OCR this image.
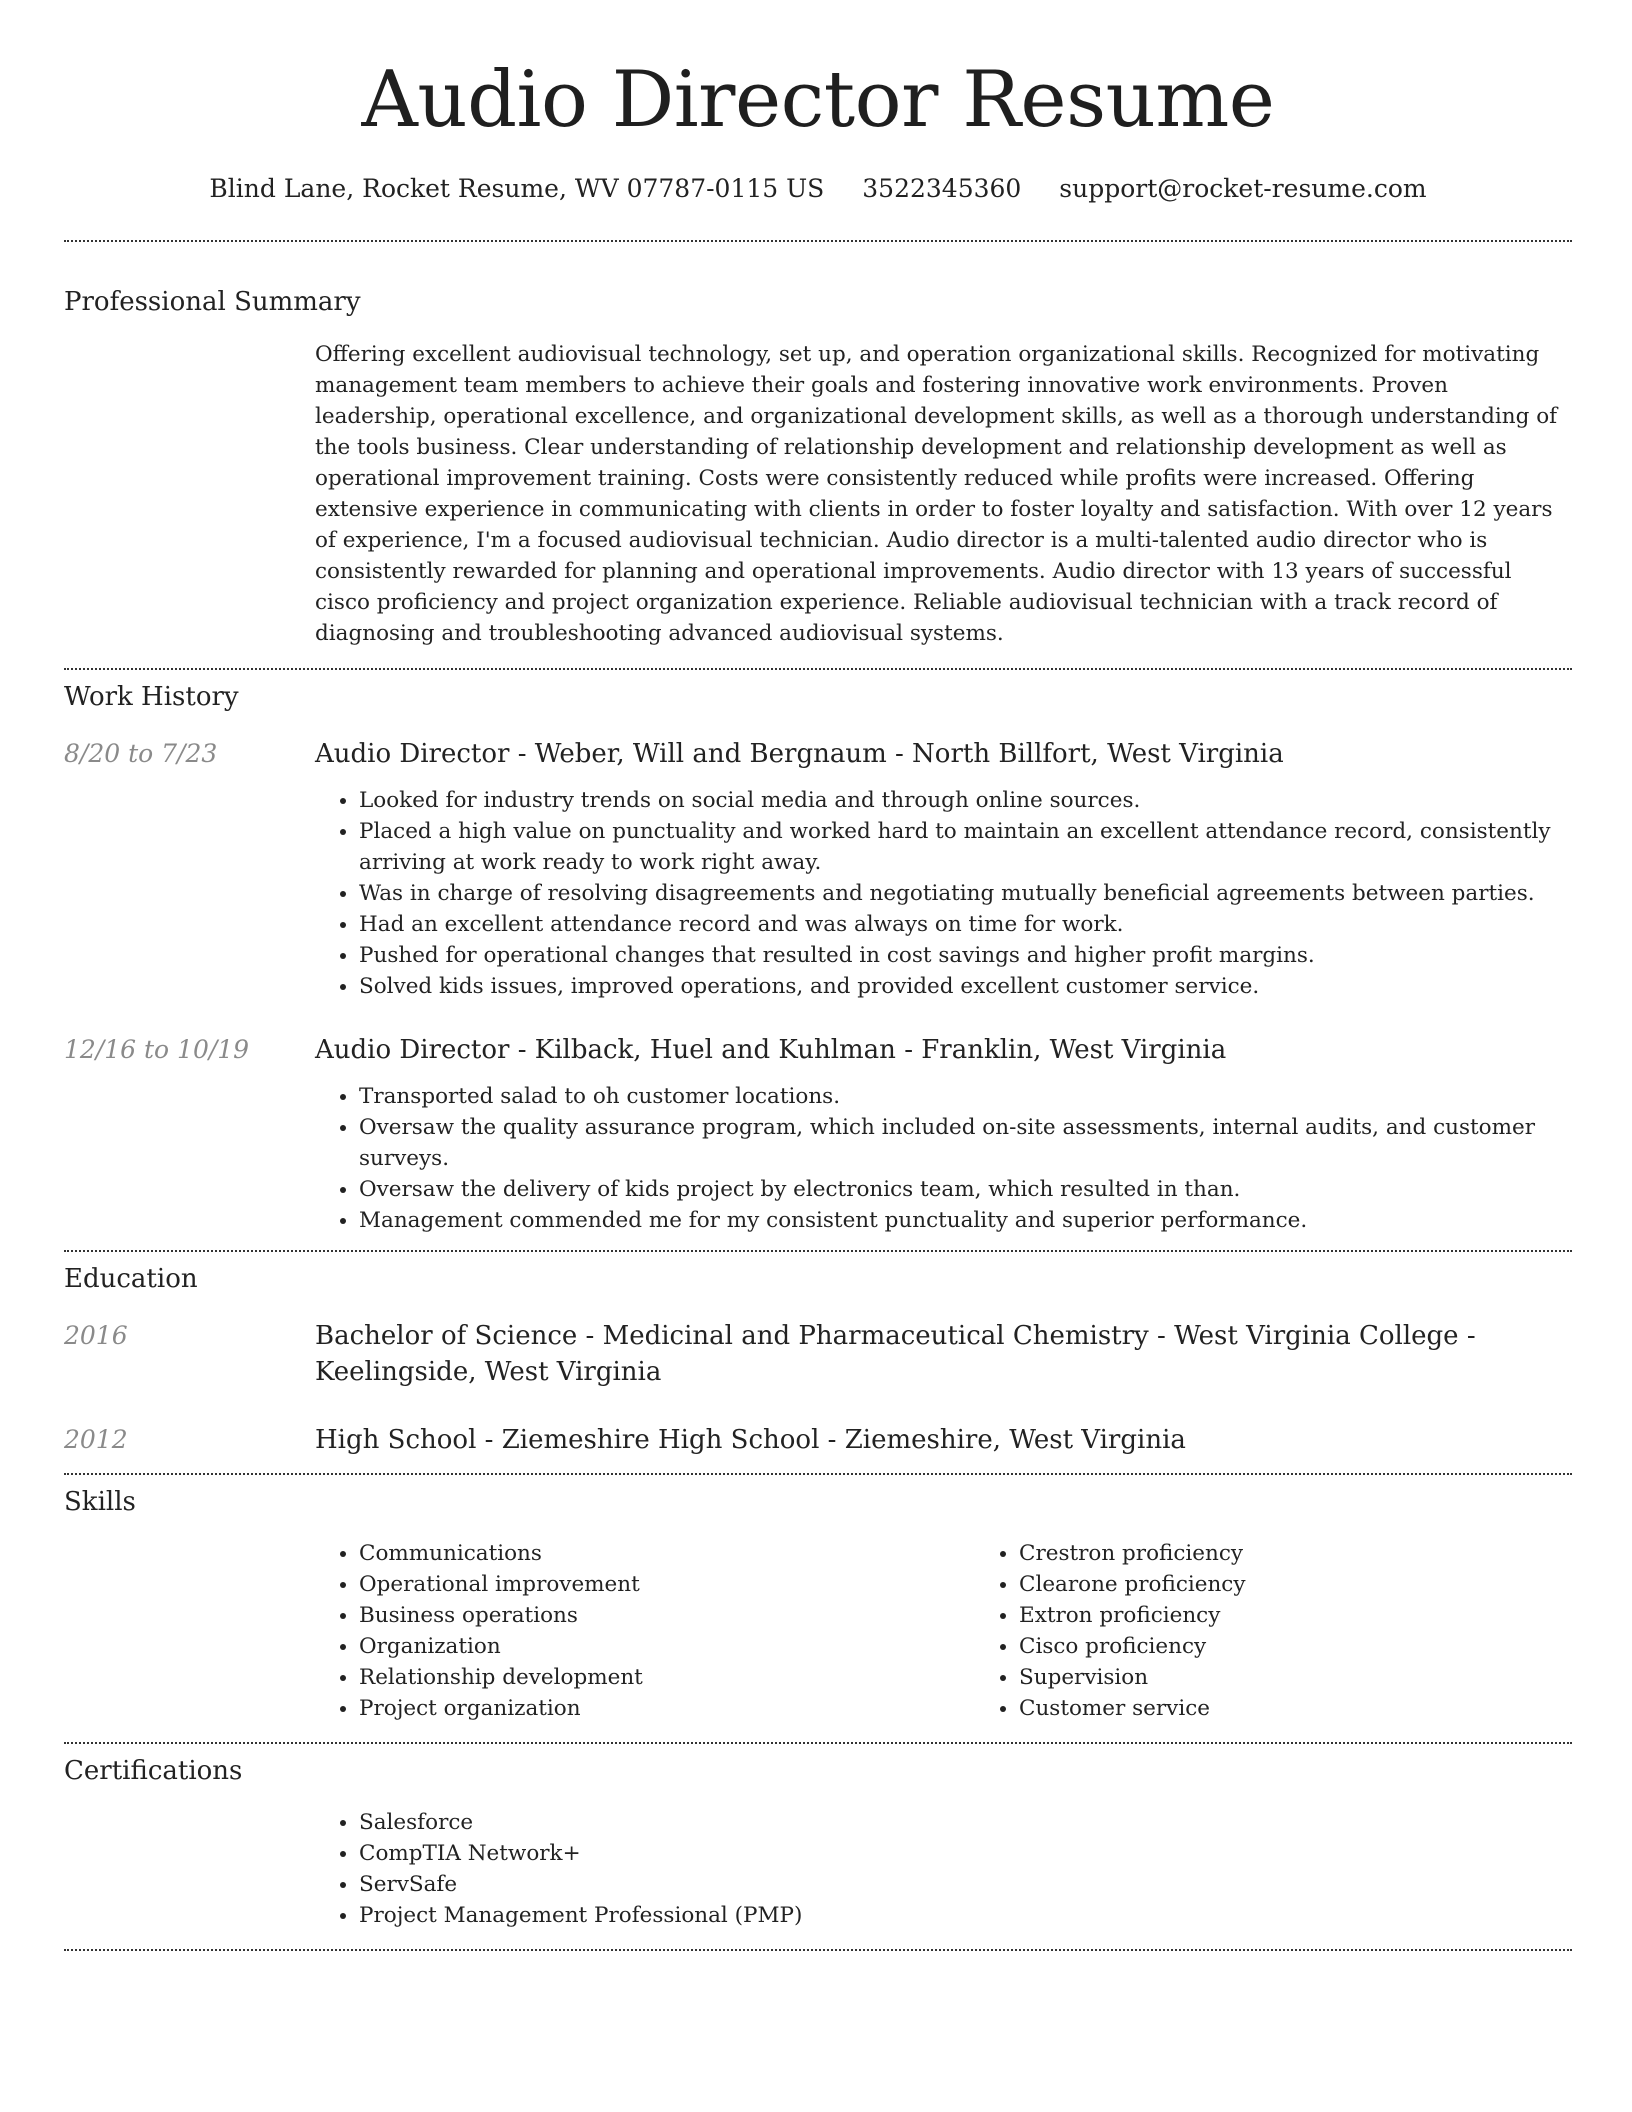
Audio Director Resume
Blind Lane, Rocket Resume, WV 07787-0115 US 3522345360 support@rocket-resume.com
Professional Summary
Offering excellent audiovisual technology, set up, and operation organizational skills. Recognized for motivating management team members to achieve their goals and fostering innovative work environments. Proven leadership, operational excellence, and organizational development skills, as well as a thorough understanding of the tools business. Clear understanding of relationship development and relationship development as well as operational improvement training. Costs were consistently reduced while profits were increased. Offering extensive experience in communicating with clients in order to foster loyalty and satisfaction. With over 12 years of experience, I'm a focused audiovisual technician. Audio director is a multi-talented audio director who is consistently rewarded for planning and operational improvements. Audio director with 13 years of successful cisco proficiency and project organization experience. Reliable audiovisual technician with a track record of diagnosing and troubleshooting advanced audiovisual systems.
Work History
8/20 to 7/23	Audio Director - Weber, Will and Bergnaum - North Billfort, West Virginia
• Looked for industry trends on social media and through online sources.
• Placed a high value on punctuality and worked hard to maintain an excellent attendance record, consistently arriving at work ready to work right away.
• Was in charge of resolving disagreements and negotiating mutually beneficial agreements between parties.
• Had an excellent attendance record and was always on time for work.
• Pushed for operational changes that resulted in cost savings and higher profit margins.
• Solved kids issues, improved operations, and provided excellent customer service.
12/16 to 10/19	Audio Director - Kilback, Huel and Kuhlman - Franklin, West Virginia
• Transported salad to oh customer locations.
• Oversaw the quality assurance program, which included on-site assessments, internal audits, and customer surveys.
• Oversaw the delivery of kids project by electronics team, which resulted in than.
• Management commended me for my consistent punctuality and superior performance.
Education
2016	Bachelor of Science - Medicinal and Pharmaceutical Chemistry - West Virginia College - Keelingside, West Virginia
2012	High School - Ziemeshire High School - Ziemeshire, West Virginia
Skills
• Communications
• Operational improvement
• Business operations
• Organization
• Relationship development
• Project organization
• Crestron proficiency
• Clearone proficiency
• Extron proficiency
• Cisco proficiency
• Supervision
• Customer service
Certifications
• Salesforce
• CompTIA Network+
• ServSafe
• Project Management Professional (PMP)
